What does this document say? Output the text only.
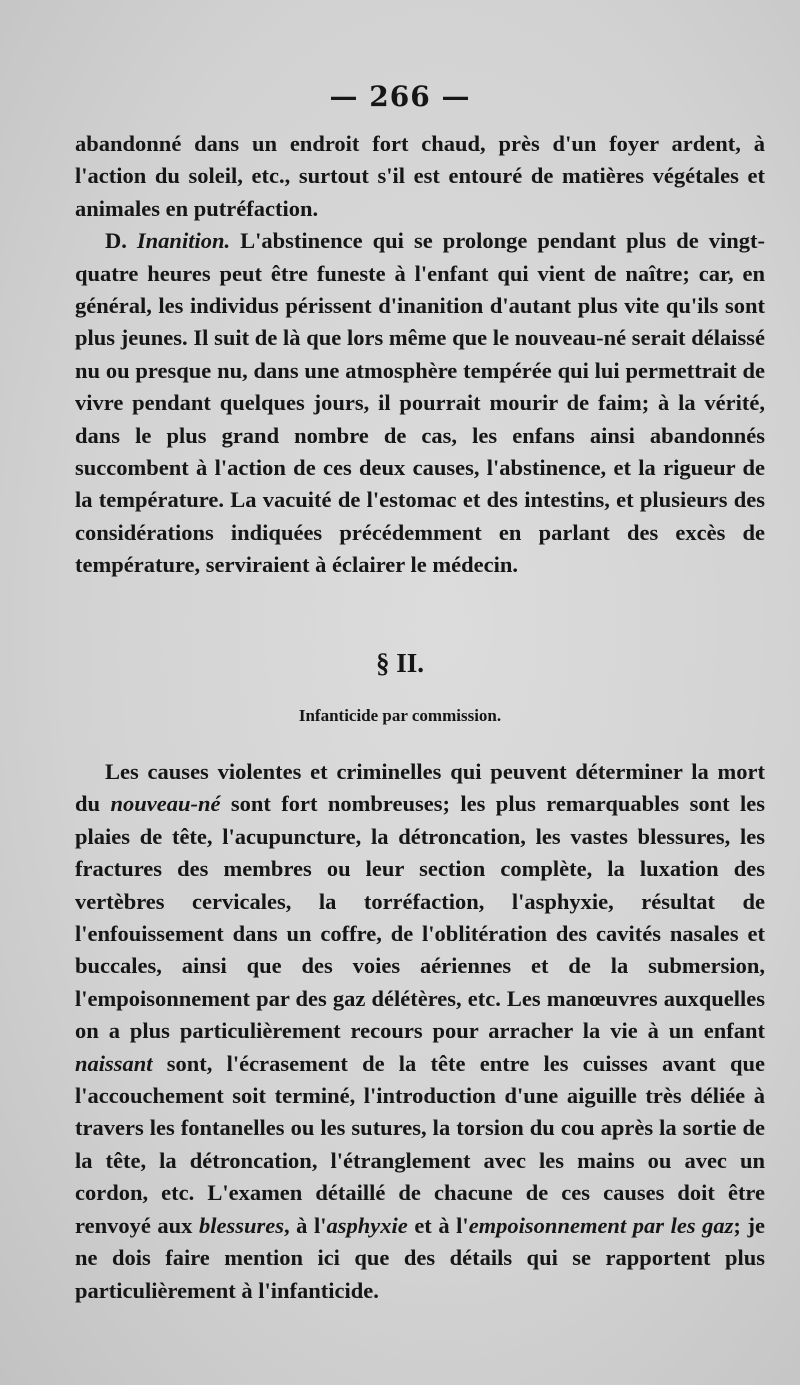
— 266 —

abandonné dans un endroit fort chaud, près d'un foyer ardent, à l'action du soleil, etc., surtout s'il est entouré de matières végétales et animales en putréfaction.

D. Inanition. L'abstinence qui se prolonge pendant plus de vingt-quatre heures peut être funeste à l'enfant qui vient de naître; car, en général, les individus périssent d'inanition d'autant plus vite qu'ils sont plus jeunes. Il suit de là que lors même que le nouveau-né serait délaissé nu ou presque nu, dans une atmosphère tempérée qui lui permettrait de vivre pendant quelques jours, il pourrait mourir de faim; à la vérité, dans le plus grand nombre de cas, les enfans ainsi abandonnés succombent à l'action de ces deux causes, l'abstinence, et la rigueur de la température. La vacuité de l'estomac et des intestins, et plusieurs des considérations indiquées précédemment en parlant des excès de température, serviraient à éclairer le médecin.

§ II.
Infanticide par commission.

Les causes violentes et criminelles qui peuvent déterminer la mort du nouveau-né sont fort nombreuses; les plus remarquables sont les plaies de tête, l'acupuncture, la détroncation, les vastes blessures, les fractures des membres ou leur section complète, la luxation des vertèbres cervicales, la torréfaction, l'asphyxie, résultat de l'enfouissement dans un coffre, de l'oblitération des cavités nasales et buccales, ainsi que des voies aériennes et de la submersion, l'empoisonnement par des gaz délétères, etc. Les manœuvres auxquelles on a plus particulièrement recours pour arracher la vie à un enfant naissant sont, l'écrasement de la tête entre les cuisses avant que l'accouchement soit terminé, l'introduction d'une aiguille très déliée à travers les fontanelles ou les sutures, la torsion du cou après la sortie de la tête, la détroncation, l'étranglement avec les mains ou avec un cordon, etc. L'examen détaillé de chacune de ces causes doit être renvoyé aux blessures, à l'asphyxie et à l'empoisonnement par les gaz; je ne dois faire mention ici que des détails qui se rapportent plus particulièrement à l'infanticide.
